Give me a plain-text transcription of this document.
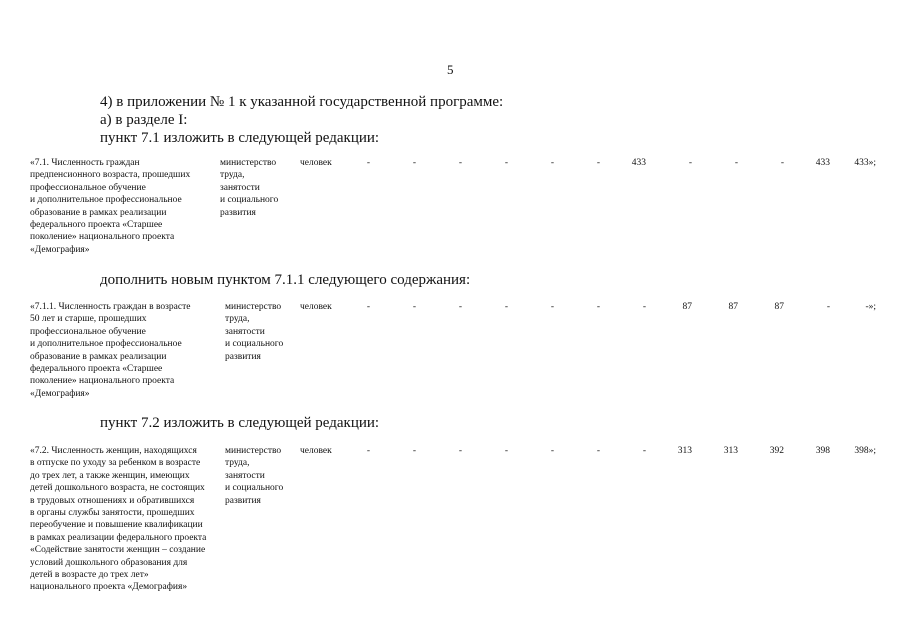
5
4) в приложении № 1 к указанной государственной программе:
а) в разделе I:
пункт 7.1 изложить в следующей редакции:
«7.1. Численность граждан
предпенсионного возраста, прошедших
профессиональное обучение
и дополнительное профессиональное
образование в рамках реализации
федерального проекта «Старшее
поколение» национального проекта
«Демография»
министерство
труда,
занятости
и социального
развития
человек	-	-	-	-	-	-	433	-	-	-	433	433»;
дополнить новым пунктом 7.1.1 следующего содержания:
«7.1.1. Численность граждан в возрасте
50 лет и старше, прошедших
профессиональное обучение
и дополнительное профессиональное
образование в рамках реализации
федерального проекта «Старшее
поколение» национального проекта
«Демография»
министерство
труда,
занятости
и социального
развития
человек	-	-	-	-	-	-	-	87	87	87	-	-»;
пункт 7.2 изложить в следующей редакции:
«7.2. Численность женщин, находящихся
в отпуске по уходу за ребенком в возрасте
до трех лет, а также женщин, имеющих
детей дошкольного возраста, не состоящих
в трудовых отношениях и обратившихся
в органы службы занятости, прошедших
переобучение и повышение квалификации
в рамках реализации федерального проекта
«Содействие занятости женщин – создание
условий дошкольного образования для
детей в возрасте до трех лет»
национального проекта «Демография»
министерство
труда,
занятости
и социального
развития
человек	-	-	-	-	-	-	-	313	313	392	398	398»;
